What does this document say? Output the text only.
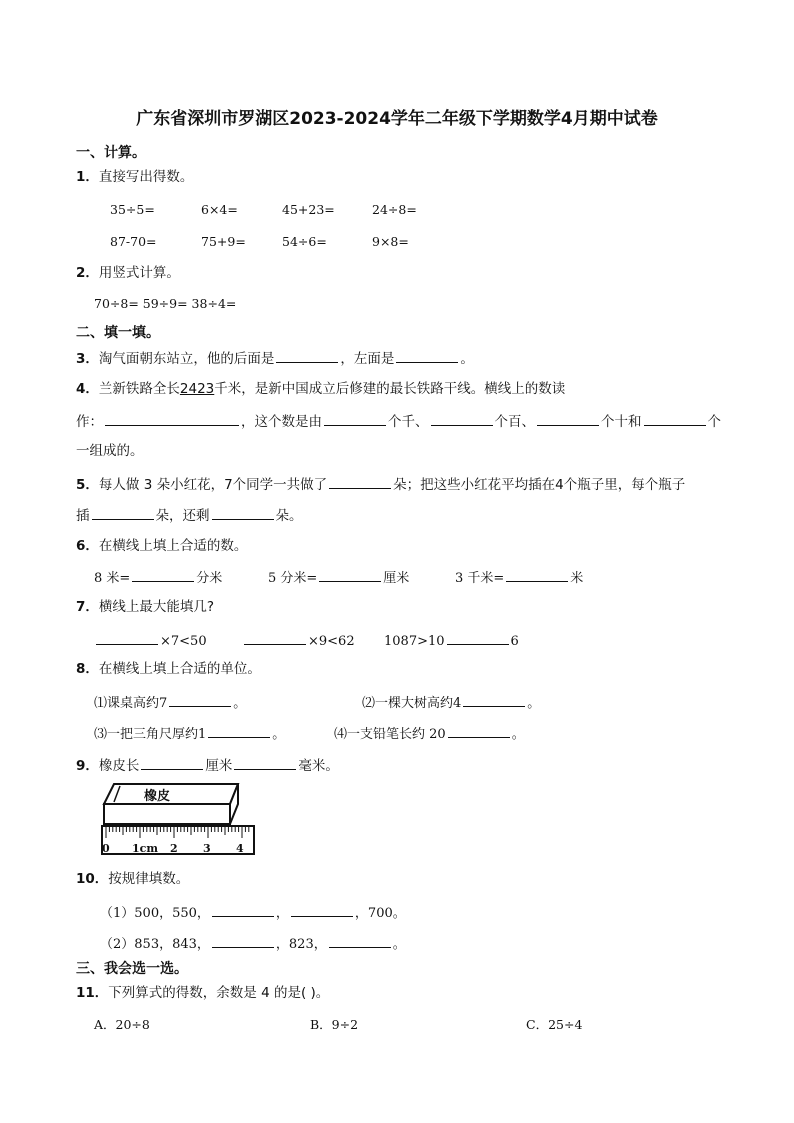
广东省深圳市罗湖区2023-2024学年二年级下学期数学4月期中试卷
一、计算。
1．直接写出得数。
35÷5=	6×4=	45+23=	24÷8=
87-70=	75+9=	54÷6=	9×8=
2．用竖式计算。
70÷8= 59÷9= 38÷4=
二、填一填。
3．淘气面朝东站立，他的后面是	，左面是	。
4．兰新铁路全长2423千米，是新中国成立后修建的最长铁路干线。横线上的数读
作：	，这个数是由	个千、	个百、	个十和	个
一组成的。
5．每人做 3 朵小红花，7个同学一共做了	朵；把这些小红花平均插在4个瓶子里，每个瓶子
插	朵，还剩	朵。
6．在横线上填上合适的数。
8 米=	分米	5 分米=	厘米	3 千米=	米
7．横线上最大能填几?
×7<50	×9<62 1087>10	6
8．在横线上填上合适的单位。
⑴课桌高约7	。	⑵一棵大树高约4	。
⑶一把三角尺厚约1	。	⑷一支铅笔长约 20	。
9．橡皮长	厘米	毫米。
橡皮
0 1cm 2 3 4
10．按规律填数。
（1）500，550，	，	，700。
（2）853，843，	，823，	。
三、我会选一选。
11．下列算式的得数，余数是 4 的是( )。
A．20÷8	B．9÷2	C．25÷4
